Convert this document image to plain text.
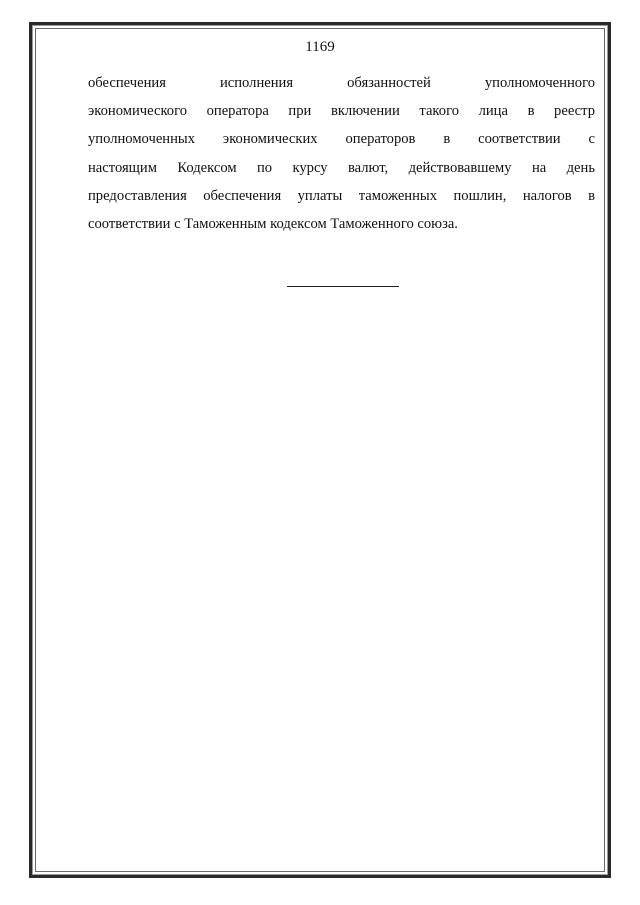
1169
обеспечения исполнения обязанностей уполномоченного
экономического оператора при включении такого лица в реестр
уполномоченных экономических операторов в соответствии с
настоящим Кодексом по курсу валют, действовавшему на день
предоставления обеспечения уплаты таможенных пошлин, налогов в
соответствии с Таможенным кодексом Таможенного союза.
